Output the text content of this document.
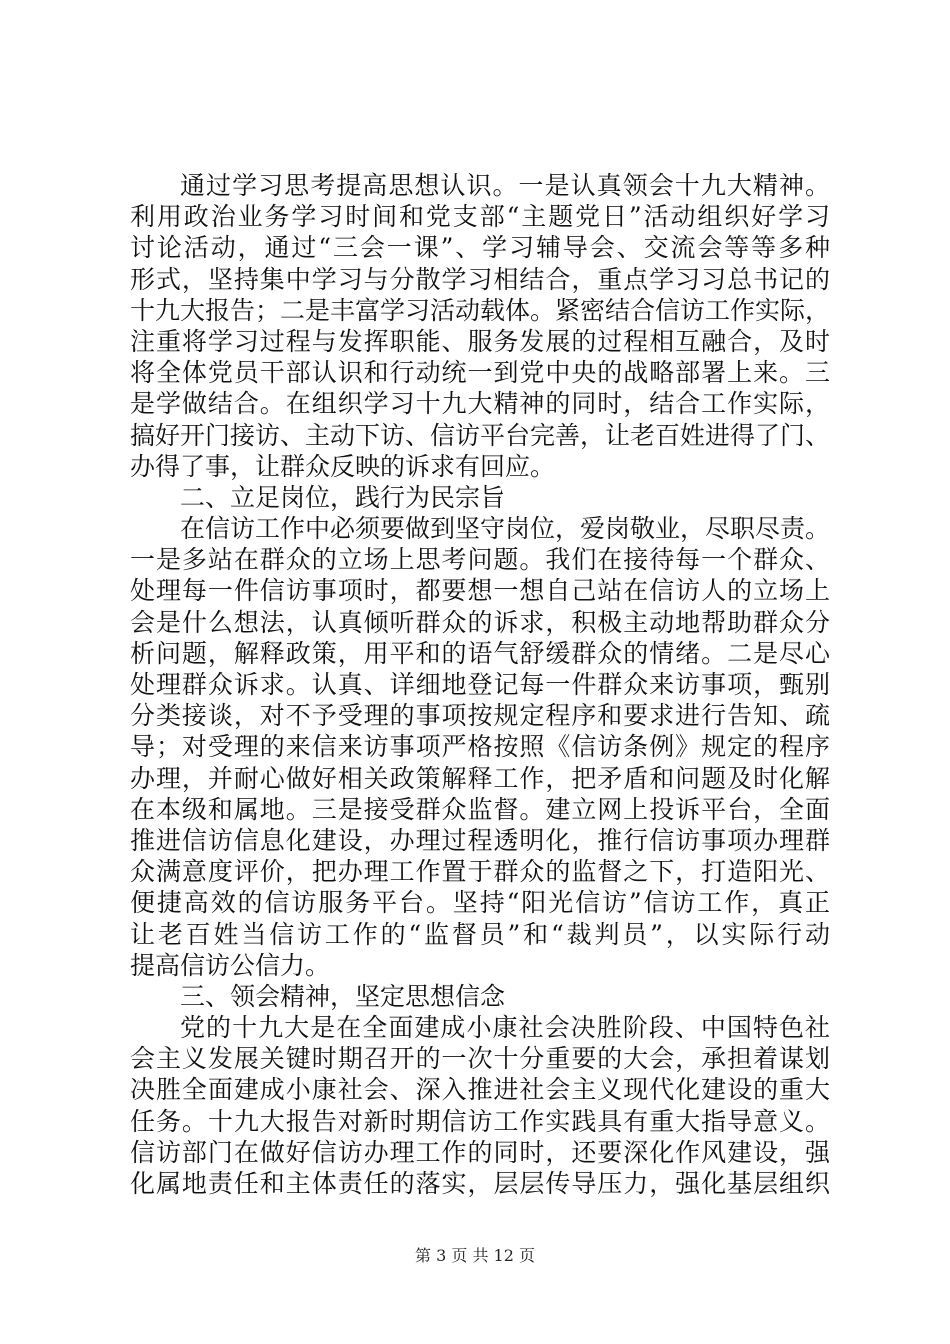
通过学习思考提高思想认识。一是认真领会十九大精神。
利用政治业务学习时间和党支部“主题党日”活动组织好学习
讨论活动，通过“三会一课”、学习辅导会、交流会等等多种
形式，坚持集中学习与分散学习相结合，重点学习习总书记的
十九大报告；二是丰富学习活动载体。紧密结合信访工作实际，
注重将学习过程与发挥职能、服务发展的过程相互融合，及时
将全体党员干部认识和行动统一到党中央的战略部署上来。三
是学做结合。在组织学习十九大精神的同时，结合工作实际，
搞好开门接访、主动下访、信访平台完善，让老百姓进得了门、
办得了事，让群众反映的诉求有回应。
二、立足岗位，践行为民宗旨
在信访工作中必须要做到坚守岗位，爱岗敬业，尽职尽责。
一是多站在群众的立场上思考问题。我们在接待每一个群众、
处理每一件信访事项时，都要想一想自己站在信访人的立场上
会是什么想法，认真倾听群众的诉求，积极主动地帮助群众分
析问题，解释政策，用平和的语气舒缓群众的情绪。二是尽心
处理群众诉求。认真、详细地登记每一件群众来访事项，甄别
分类接谈，对不予受理的事项按规定程序和要求进行告知、疏
导；对受理的来信来访事项严格按照《信访条例》规定的程序
办理，并耐心做好相关政策解释工作，把矛盾和问题及时化解
在本级和属地。三是接受群众监督。建立网上投诉平台，全面
推进信访信息化建设，办理过程透明化，推行信访事项办理群
众满意度评价，把办理工作置于群众的监督之下，打造阳光、
便捷高效的信访服务平台。坚持“阳光信访”信访工作，真正
让老百姓当信访工作的“监督员”和“裁判员”，以实际行动
提高信访公信力。
三、领会精神，坚定思想信念
党的十九大是在全面建成小康社会决胜阶段、中国特色社
会主义发展关键时期召开的一次十分重要的大会，承担着谋划
决胜全面建成小康社会、深入推进社会主义现代化建设的重大
任务。十九大报告对新时期信访工作实践具有重大指导意义。
信访部门在做好信访办理工作的同时，还要深化作风建设，强
化属地责任和主体责任的落实，层层传导压力，强化基层组织
第 3 页 共 12 页
